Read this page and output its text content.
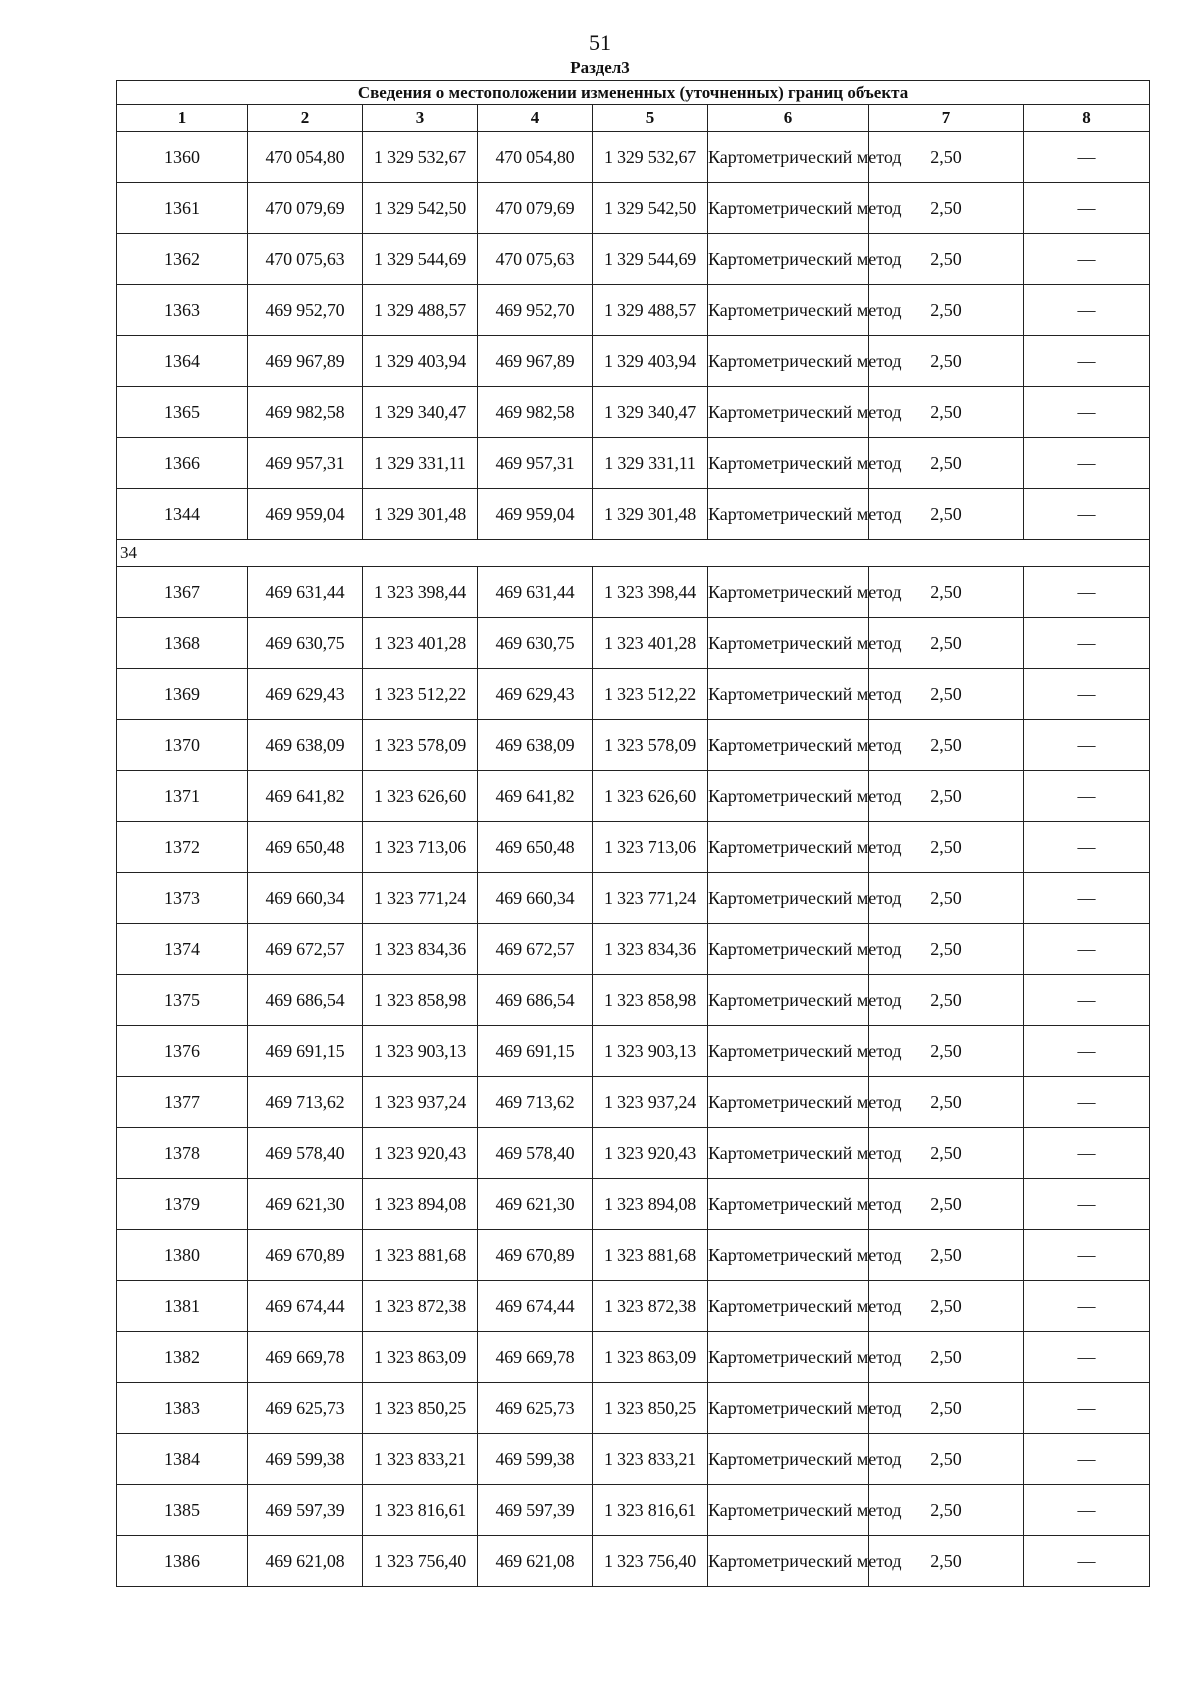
51
Раздел3
Сведения о местоположении измененных (уточненных) границ объекта							
1	2	3	4	5	6	7	8
1360	470 054,80	1 329 532,67	470 054,80	1 329 532,67	Картометрический метод	2,50	—
1361	470 079,69	1 329 542,50	470 079,69	1 329 542,50	Картометрический метод	2,50	—
1362	470 075,63	1 329 544,69	470 075,63	1 329 544,69	Картометрический метод	2,50	—
1363	469 952,70	1 329 488,57	469 952,70	1 329 488,57	Картометрический метод	2,50	—
1364	469 967,89	1 329 403,94	469 967,89	1 329 403,94	Картометрический метод	2,50	—
1365	469 982,58	1 329 340,47	469 982,58	1 329 340,47	Картометрический метод	2,50	—
1366	469 957,31	1 329 331,11	469 957,31	1 329 331,11	Картометрический метод	2,50	—
1344	469 959,04	1 329 301,48	469 959,04	1 329 301,48	Картометрический метод	2,50	—
34							
1367	469 631,44	1 323 398,44	469 631,44	1 323 398,44	Картометрический метод	2,50	—
1368	469 630,75	1 323 401,28	469 630,75	1 323 401,28	Картометрический метод	2,50	—
1369	469 629,43	1 323 512,22	469 629,43	1 323 512,22	Картометрический метод	2,50	—
1370	469 638,09	1 323 578,09	469 638,09	1 323 578,09	Картометрический метод	2,50	—
1371	469 641,82	1 323 626,60	469 641,82	1 323 626,60	Картометрический метод	2,50	—
1372	469 650,48	1 323 713,06	469 650,48	1 323 713,06	Картометрический метод	2,50	—
1373	469 660,34	1 323 771,24	469 660,34	1 323 771,24	Картометрический метод	2,50	—
1374	469 672,57	1 323 834,36	469 672,57	1 323 834,36	Картометрический метод	2,50	—
1375	469 686,54	1 323 858,98	469 686,54	1 323 858,98	Картометрический метод	2,50	—
1376	469 691,15	1 323 903,13	469 691,15	1 323 903,13	Картометрический метод	2,50	—
1377	469 713,62	1 323 937,24	469 713,62	1 323 937,24	Картометрический метод	2,50	—
1378	469 578,40	1 323 920,43	469 578,40	1 323 920,43	Картометрический метод	2,50	—
1379	469 621,30	1 323 894,08	469 621,30	1 323 894,08	Картометрический метод	2,50	—
1380	469 670,89	1 323 881,68	469 670,89	1 323 881,68	Картометрический метод	2,50	—
1381	469 674,44	1 323 872,38	469 674,44	1 323 872,38	Картометрический метод	2,50	—
1382	469 669,78	1 323 863,09	469 669,78	1 323 863,09	Картометрический метод	2,50	—
1383	469 625,73	1 323 850,25	469 625,73	1 323 850,25	Картометрический метод	2,50	—
1384	469 599,38	1 323 833,21	469 599,38	1 323 833,21	Картометрический метод	2,50	—
1385	469 597,39	1 323 816,61	469 597,39	1 323 816,61	Картометрический метод	2,50	—
1386	469 621,08	1 323 756,40	469 621,08	1 323 756,40	Картометрический метод	2,50	—
